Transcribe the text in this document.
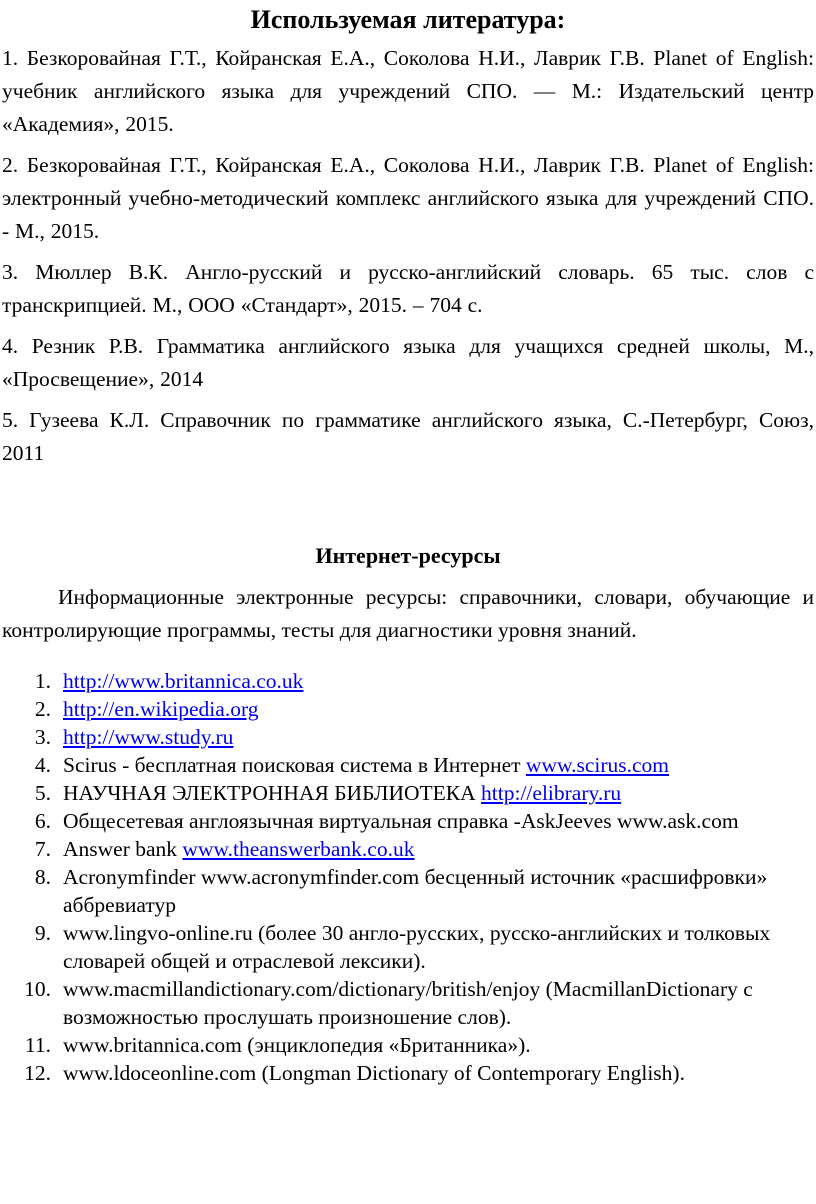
Используемая литература:

1. Безкоровайная Г.Т., Койранская Е.А., Соколова Н.И., Лаврик Г.В. Planet of English: учебник английского языка для учреждений СПО. — М.: Издательский центр «Академия», 2015.

2. Безкоровайная Г.Т., Койранская Е.А., Соколова Н.И., Лаврик Г.В. Planet of English: электронный учебно-методический комплекс английского языка для учреждений СПО. - М., 2015.

3. Мюллер В.К. Англо-русский и русско-английский словарь. 65 тыс. слов с транскрипцией. М., ООО «Стандарт», 2015. – 704 с.

4. Резник Р.В. Грамматика английского языка для учащихся средней школы, М., «Просвещение», 2014

5. Гузеева К.Л. Справочник по грамматике английского языка, С.-Петербург, Союз, 2011

Интернет-ресурсы

Информационные электронные ресурсы: справочники, словари, обучающие и контролирующие программы, тесты для диагностики уровня знаний.

1. http://www.britannica.co.uk
2. http://en.wikipedia.org
3. http://www.study.ru
4. Scirus - бесплатная поисковая система в Интернет www.scirus.com
5. НАУЧНАЯ ЭЛЕКТРОННАЯ БИБЛИОТЕКА http://elibrary.ru
6. Общесетевая англоязычная виртуальная справка -AskJeeves www.ask.com
7. Answer bank www.theanswerbank.co.uk
8. Acronymfinder www.acronymfinder.com бесценный источник «расшифровки» аббревиатур
9. www.lingvo-online.ru (более 30 англо-русских, русско-английских и толковых словарей общей и отраслевой лексики).
10. www.macmillandictionary.com/dictionary/british/enjoy (MacmillanDictionary с возможностью прослушать произношение слов).
11. www.britannica.com (энциклопедия «Британника»).
12. www.ldoceonline.com (Longman Dictionary of Contemporary English).
